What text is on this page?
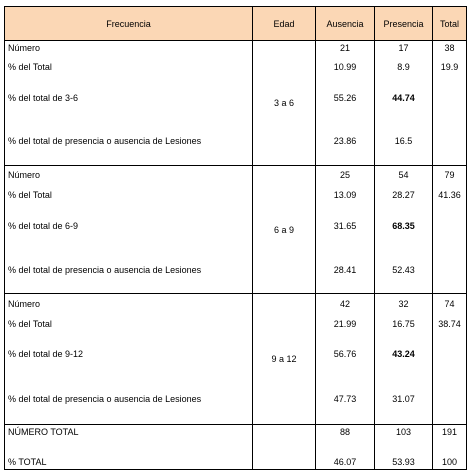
Frecuencia	Edad	Ausencia	Presencia	Total
Número	3 a 6	21	17	38
% del Total		10.99	8.9	19.9
% del total de 3-6		55.26	44.74	
% del total de presencia o ausencia de Lesiones		23.86	16.5	
Número	6 a 9	25	54	79
% del Total		13.09	28.27	41.36
% del total de 6-9		31.65	68.35	
% del total de presencia o ausencia de Lesiones		28.41	52.43	
Número	9 a 12	42	32	74
% del Total		21.99	16.75	38.74
% del total de 9-12		56.76	43.24	
% del total de presencia o ausencia de Lesiones		47.73	31.07	
NÚMERO TOTAL		88	103	191
% TOTAL		46.07	53.93	100
